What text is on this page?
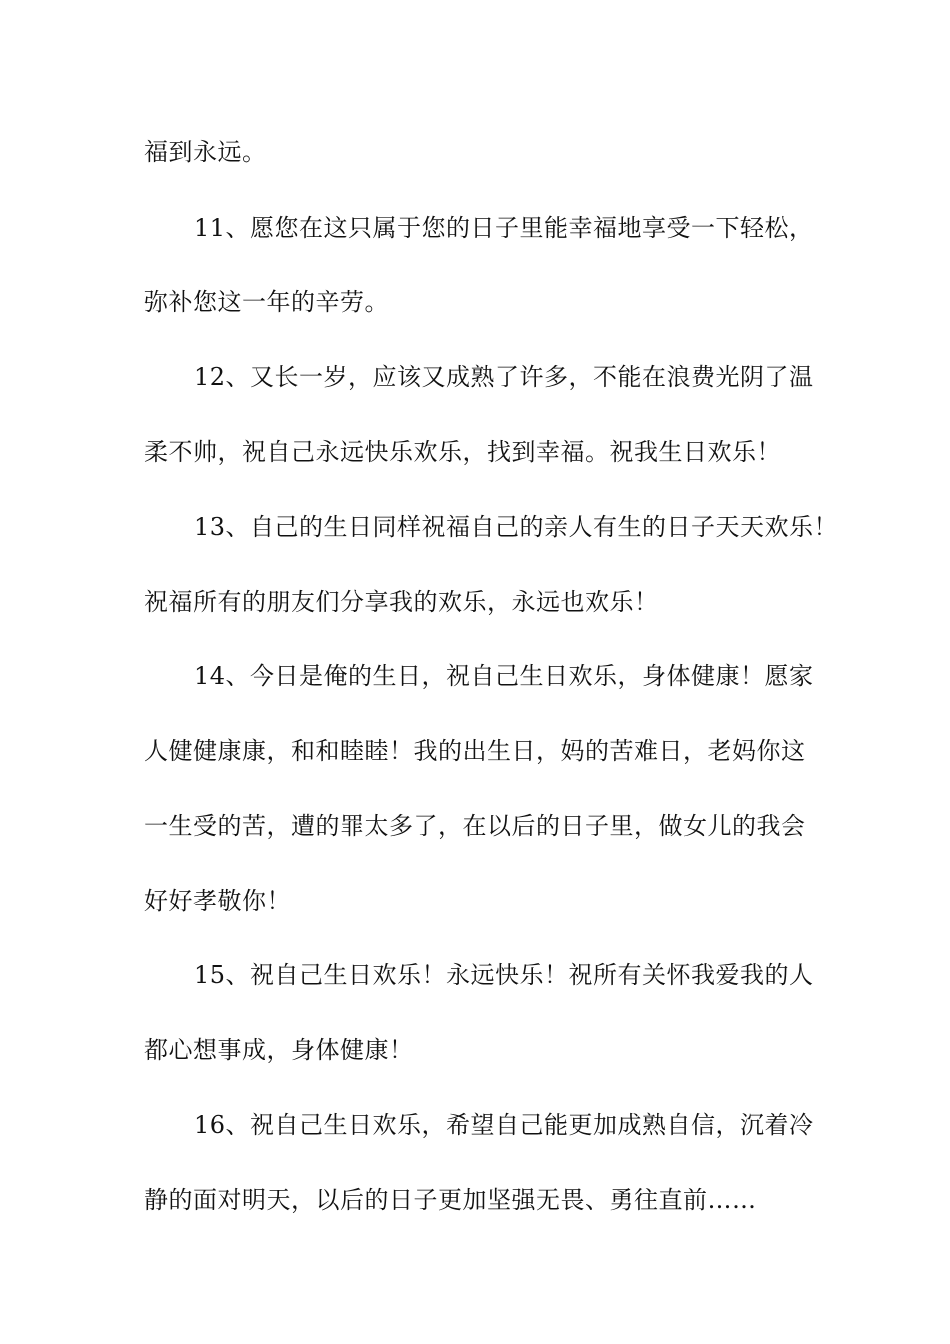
福到永远。
11、愿您在这只属于您的日子里能幸福地享受一下轻松，
弥补您这一年的辛劳。
12、又长一岁，应该又成熟了许多，不能在浪费光阴了温
柔不帅，祝自己永远快乐欢乐，找到幸福。祝我生日欢乐！
13、自己的生日同样祝福自己的亲人有生的日子天天欢乐！
祝福所有的朋友们分享我的欢乐，永远也欢乐！
14、今日是俺的生日，祝自己生日欢乐，身体健康！愿家
人健健康康，和和睦睦！我的出生日，妈的苦难日，老妈你这
一生受的苦，遭的罪太多了，在以后的日子里，做女儿的我会
好好孝敬你！
15、祝自己生日欢乐！永远快乐！祝所有关怀我爱我的人
都心想事成，身体健康！
16、祝自己生日欢乐，希望自己能更加成熟自信，沉着冷
静的面对明天，以后的日子更加坚强无畏、勇往直前……
